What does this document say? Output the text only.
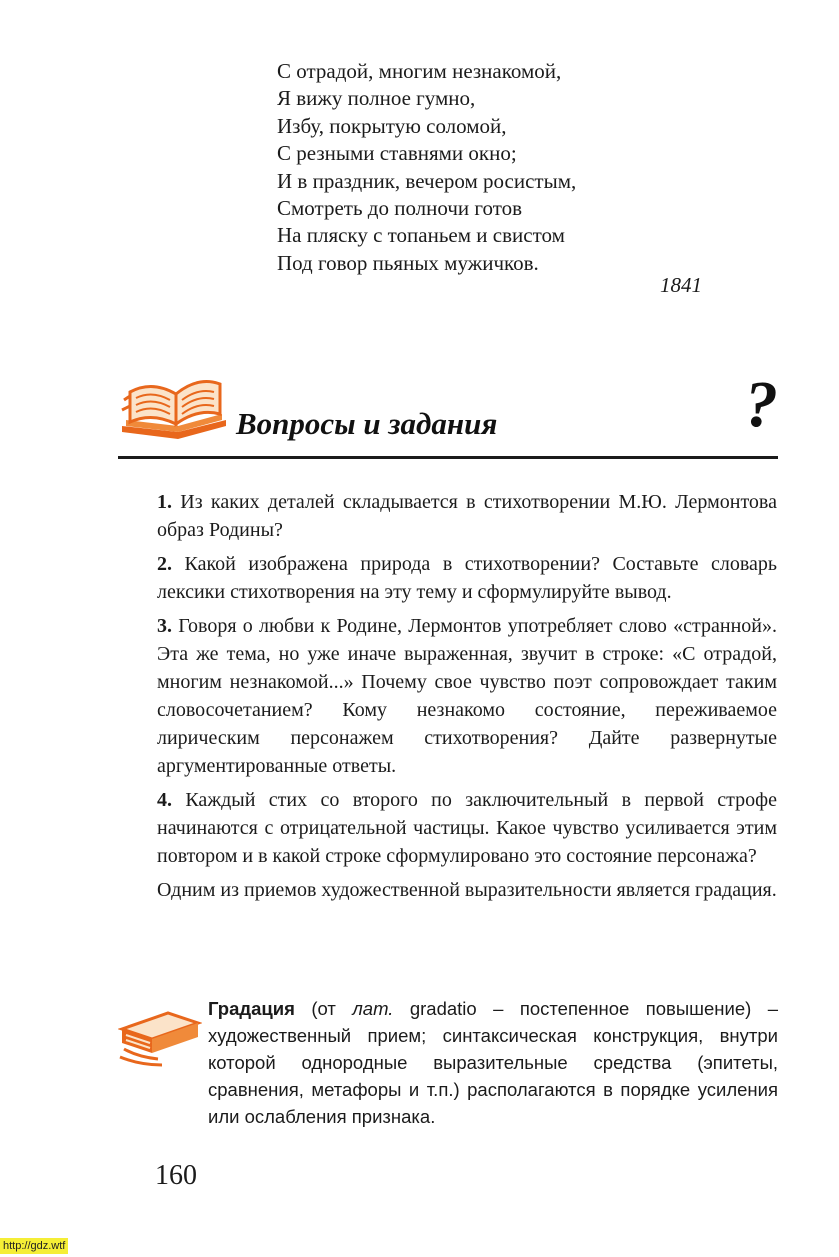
С отрадой, многим незнакомой,
Я вижу полное гумно,
Избу, покрытую соломой,
С резными ставнями окно;
И в праздник, вечером росистым,
Смотреть до полночи готов
На пляску с топаньем и свистом
Под говор пьяных мужичков.
1841
Вопросы и задания	?

1. Из каких деталей складывается в стихотворении М.Ю. Лермонтова образ Родины?

2. Какой изображена природа в стихотворении? Составьте словарь лексики стихотворения на эту тему и сформулируйте вывод.

3. Говоря о любви к Родине, Лермонтов употребляет слово «странной». Эта же тема, но уже иначе выраженная, звучит в строке: «С отрадой, многим незнакомой...» Почему свое чувство поэт сопровождает таким словосочетанием? Кому незнакомо состояние, переживаемое лирическим персонажем стихотворения? Дайте развернутые аргументированные ответы.

4. Каждый стих со второго по заключительный в первой строфе начинаются с отрицательной частицы. Какое чувство усиливается этим повтором и в какой строке сформулировано это состояние персонажа?

Одним из приемов художественной выразительности является градация.

Градация (от лат. gradatio – постепенное повышение) – художественный прием; синтаксическая конструкция, внутри которой однородные выразительные средства (эпитеты, сравнения, метафоры и т.п.) располагаются в порядке усиления или ослабления признака.
160
http://gdz.wtf
